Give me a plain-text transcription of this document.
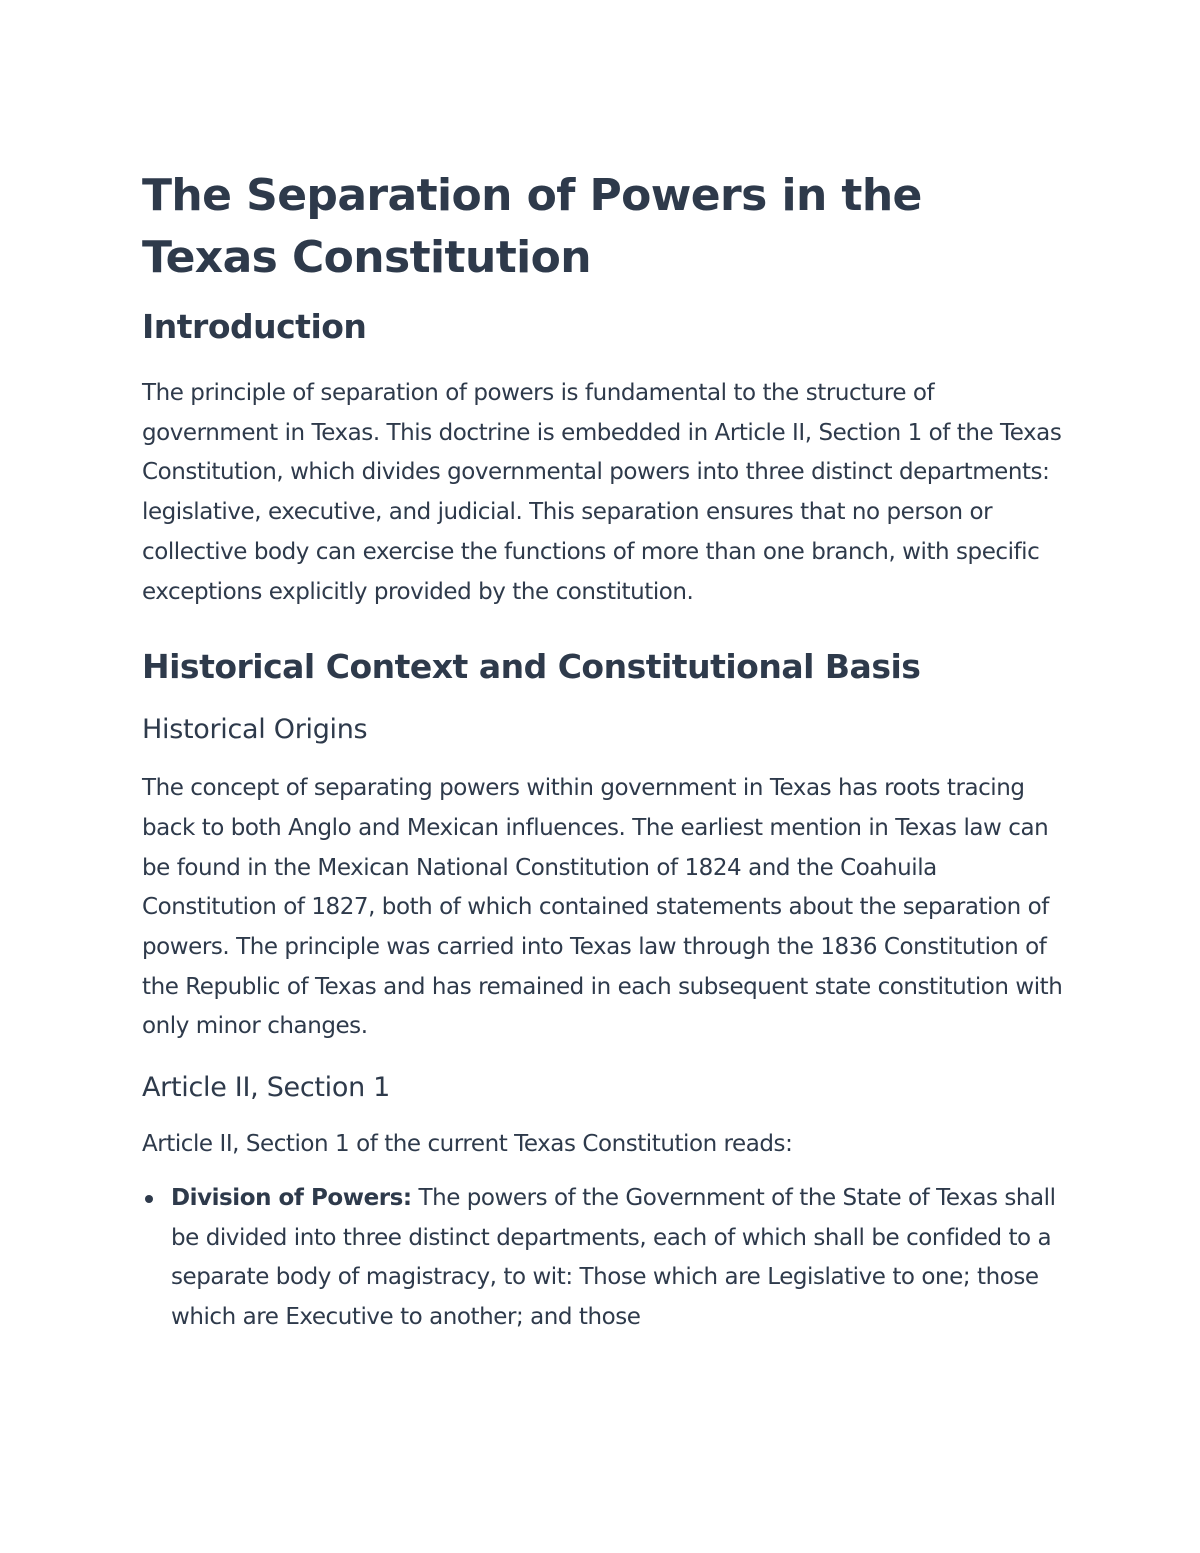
The Separation of Powers in the Texas Constitution
Introduction

The principle of separation of powers is fundamental to the structure of government in Texas. This doctrine is embedded in Article II, Section 1 of the Texas Constitution, which divides governmental powers into three distinct departments: legislative, executive, and judicial. This separation ensures that no person or collective body can exercise the functions of more than one branch, with specific exceptions explicitly provided by the constitution.

Historical Context and Constitutional Basis
Historical Origins

The concept of separating powers within government in Texas has roots tracing back to both Anglo and Mexican influences. The earliest mention in Texas law can be found in the Mexican National Constitution of 1824 and the Coahuila Constitution of 1827, both of which contained statements about the separation of powers. The principle was carried into Texas law through the 1836 Constitution of the Republic of Texas and has remained in each subsequent state constitution with only minor changes.

Article II, Section 1

Article II, Section 1 of the current Texas Constitution reads:

Division of Powers: The powers of the Government of the State of Texas shall be divided into three distinct departments, each of which shall be confided to a separate body of magistracy, to wit: Those which are Legislative to one; those which are Executive to another; and those
